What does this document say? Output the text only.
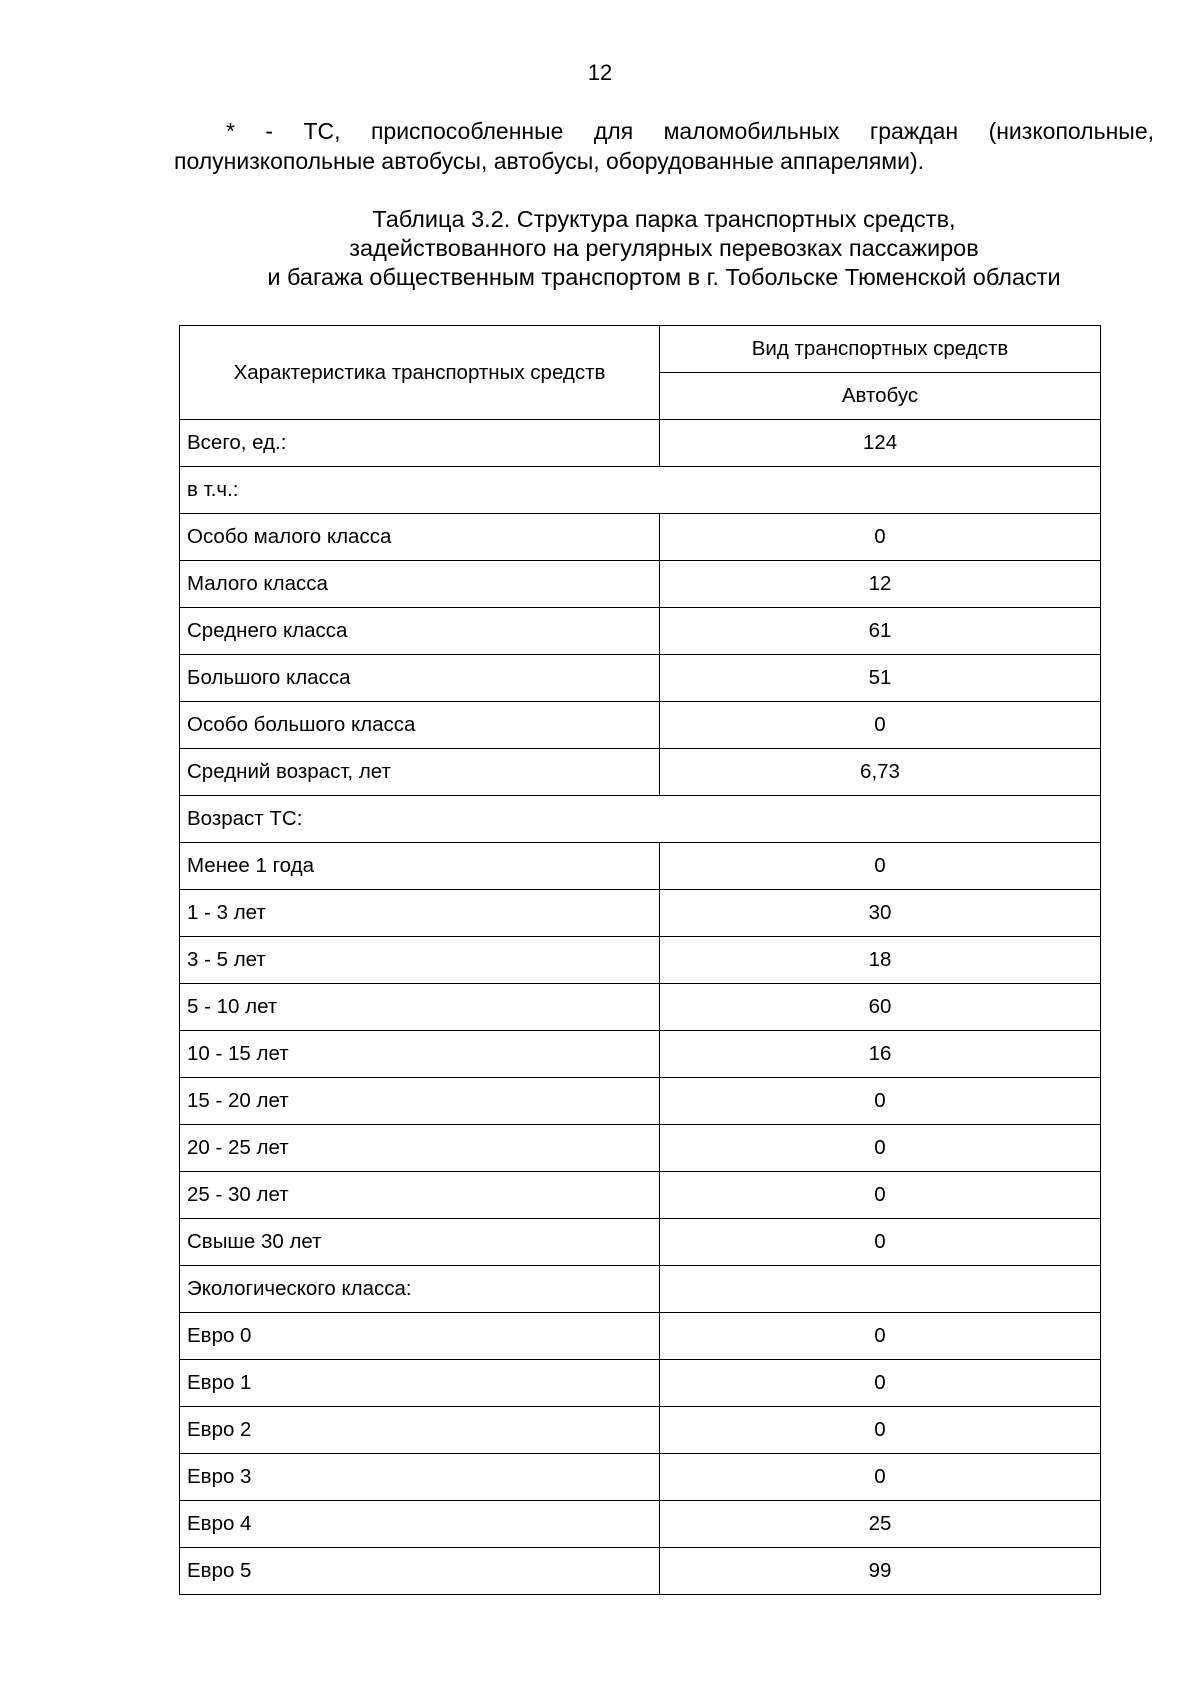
12

* - ТС, приспособленные для маломобильных граждан (низкопольные, полунизкопольные автобусы, автобусы, оборудованные аппарелями).

Таблица 3.2. Структура парка транспортных средств,
задействованного на регулярных перевозках пассажиров
и багажа общественным транспортом в г. Тобольске Тюменской области
Характеристика транспортных средств	Вид транспортных средств
	Автобус
Всего, ед.:	124
в т.ч.:	
Особо малого класса	0
Малого класса	12
Среднего класса	61
Большого класса	51
Особо большого класса	0
Средний возраст, лет	6,73
Возраст ТС:	
Менее 1 года	0
1 - 3 лет	30
3 - 5 лет	18
5 - 10 лет	60
10 - 15 лет	16
15 - 20 лет	0
20 - 25 лет	0
25 - 30 лет	0
Свыше 30 лет	0
Экологического класса:	
Евро 0	0
Евро 1	0
Евро 2	0
Евро 3	0
Евро 4	25
Евро 5	99
